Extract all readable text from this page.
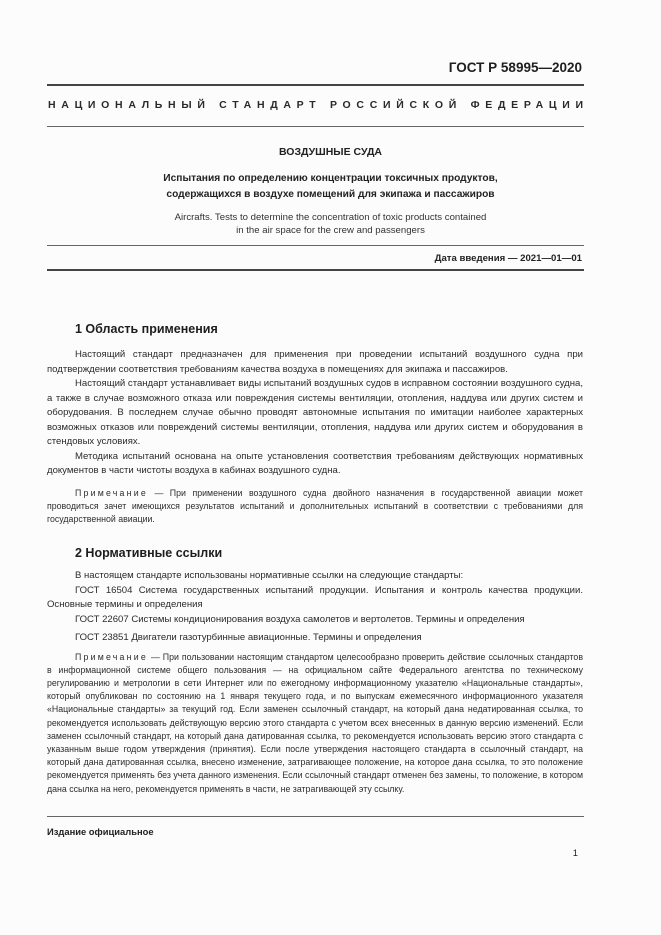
ГОСТ Р 58995—2020
НАЦИОНАЛЬНЫЙ СТАНДАРТ РОССИЙСКОЙ ФЕДЕРАЦИИ
ВОЗДУШНЫЕ СУДА
Испытания по определению концентрации токсичных продуктов,
содержащихся в воздухе помещений для экипажа и пассажиров
Aircrafts. Tests to determine the concentration of toxic products contained
in the air space for the crew and passengers
Дата введения — 2021—01—01
1 Область применения

Настоящий стандарт предназначен для применения при проведении испытаний воздушного судна при подтверждении соответствия требованиям качества воздуха в помещениях для экипажа и пассажиров.

Настоящий стандарт устанавливает виды испытаний воздушных судов в исправном состоянии воздушного судна, а также в случае возможного отказа или повреждения системы вентиляции, отопления, наддува или других систем и оборудования. В последнем случае обычно проводят автономные испытания по имитации наиболее характерных возможных отказов или повреждений системы вентиляции, отопления, наддува или других систем и оборудования в стендовых условиях.

Методика испытаний основана на опыте установления соответствия требованиям действующих нормативных документов в части чистоты воздуха в кабинах воздушного судна.

Примечание — При применении воздушного судна двойного назначения в государственной авиации может проводиться зачет имеющихся результатов испытаний и дополнительных испытаний в соответствии с требованиями для государственной авиации.

2 Нормативные ссылки

В настоящем стандарте использованы нормативные ссылки на следующие стандарты:

ГОСТ 16504 Система государственных испытаний продукции. Испытания и контроль качества продукции. Основные термины и определения

ГОСТ 22607 Системы кондиционирования воздуха самолетов и вертолетов. Термины и определения

ГОСТ 23851 Двигатели газотурбинные авиационные. Термины и определения

Примечание — При пользовании настоящим стандартом целесообразно проверить действие ссылочных стандартов в информационной системе общего пользования — на официальном сайте Федерального агентства по техническому регулированию и метрологии в сети Интернет или по ежегодному информационному указателю «Национальные стандарты», который опубликован по состоянию на 1 января текущего года, и по выпускам ежемесячного информационного указателя «Национальные стандарты» за текущий год. Если заменен ссылочный стандарт, на который дана недатированная ссылка, то рекомендуется использовать действующую версию этого стандарта с учетом всех внесенных в данную версию изменений. Если заменен ссылочный стандарт, на который дана датированная ссылка, то рекомендуется использовать версию этого стандарта с указанным выше годом утверждения (принятия). Если после утверждения настоящего стандарта в ссылочный стандарт, на который дана датированная ссылка, внесено изменение, затрагивающее положение, на которое дана ссылка, то это положение рекомендуется применять без учета данного изменения. Если ссылочный стандарт отменен без замены, то положение, в котором дана ссылка на него, рекомендуется применять в части, не затрагивающей эту ссылку.

Издание официальное
1
